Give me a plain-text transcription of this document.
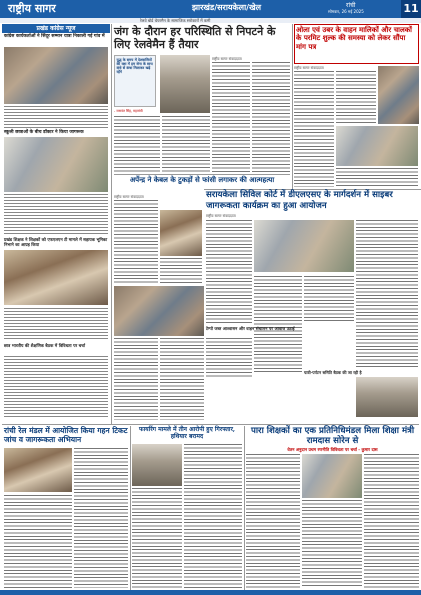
राष्ट्रीय सागर	झारखंड/सरायकेला/खेल	रांची
सोमवार, 26 मई 2025	11
रेलवे बोर्ड चेयरमैन के सामाजिक सरोकारों में कमी
प्रखंड कांग्रेस न्यूज
कांग्रेस कार्यकर्ताओं ने सिंदूर सम्मान यात्रा निकाली गई गांव में
स्कूली छात्राओं के बीच डॉक्टर ने किया जागरूक
प्रखंड शिक्षक ने शिक्षकों को एफएलएन टी मामले में सहायक भूमिका निभाने का आग्रह किया
छात्र भारतीय की शैक्षणिक बैठक में विविधता पर चर्चा
जंग के दौरान हर परिस्थिति से निपटने के लिए रेलवेमैन हैं तैयार
युद्ध के समय में देशवासियों की रक्षा में हम सेना के साथ कंधे से कंधा मिलाकर खड़े रहेंगे
- जसवंत सिंह, महामंत्री
राष्ट्रीय सागर संवाददाता
अर्पेन्द्र ने केबल के टुकड़ों से फांसी लगाकर की आत्महत्या
राष्ट्रीय सागर संवाददाता
ओला एवं उबर के वाहन मालिकों और चालकों के परमिट शुल्क की समस्या को लेकर सौंपा मांग पत्र
राष्ट्रीय सागर संवाददाता
सरायकेला सिविल कोर्ट में डीएलएसए के मार्गदर्शन में साइबर जागरूकता कार्यक्रम का हुआ आयोजन
राष्ट्रीय सागर संवाददाता
टेम्पो जब्त आश्वासन और वाहन संचालन पर आवाज उठाई
यात्री-पर्यटन समिति बैठक की जा रही है
रांची रेल मंडल में आयोजित किया गहन टिकट जांच व जागरूकता अभियान
फायरिंग मामले में तीन आरोपी हुए गिरफ्तार, हथियार बरामद
पारा शिक्षकों का एक प्रतिनिधिमंडल मिला शिक्षा मंत्री रामदास सोरेन से
वेतन अनुदान प्रथम रणनीति विविधता पर चर्चा - कुमार दास
